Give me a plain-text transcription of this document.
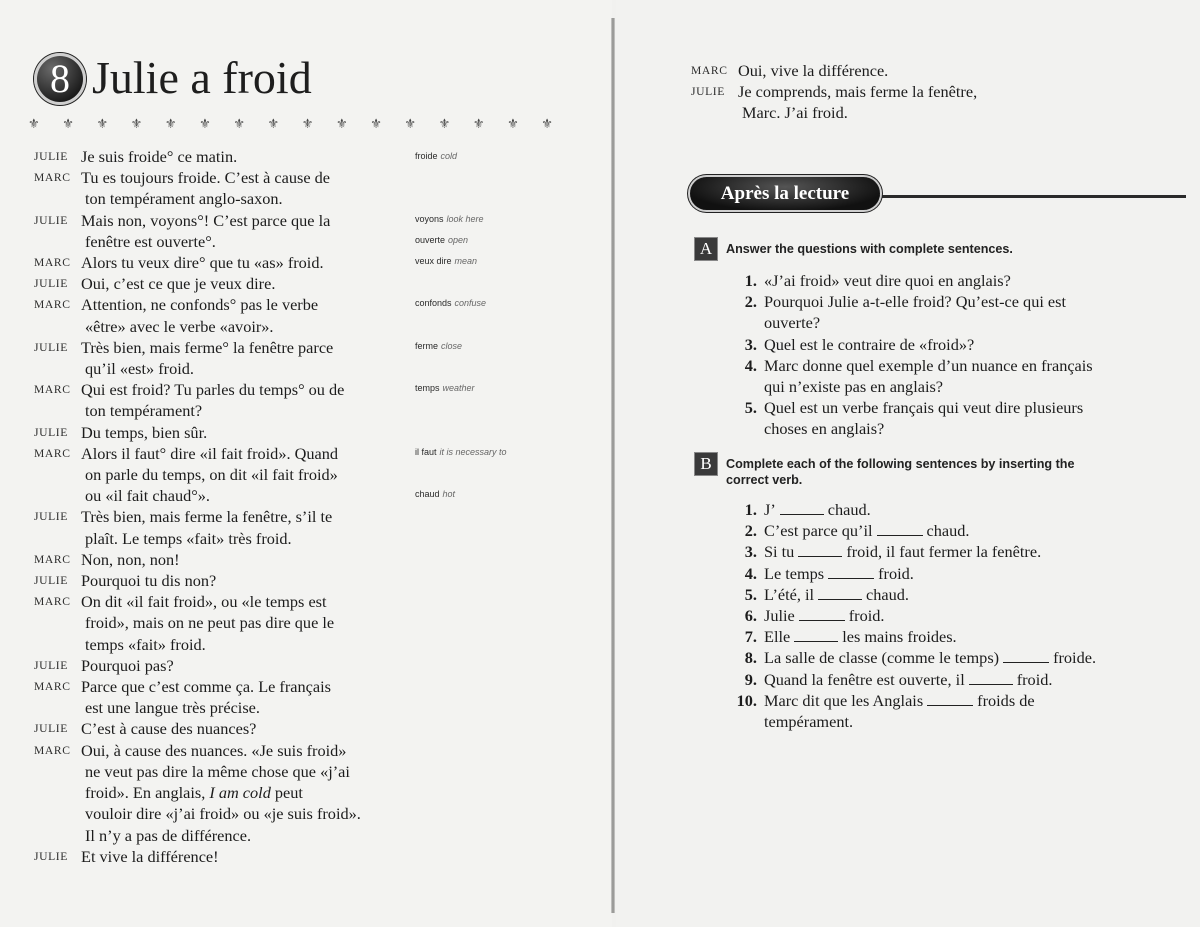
8 Julie a froid
⚜ ⚜ ⚜ ⚜ ⚜ ⚜ ⚜ ⚜ ⚜ ⚜ ⚜ ⚜ ⚜ ⚜ ⚜ ⚜
JULIE Je suis froide° ce matin.
MARC Tu es toujours froide. C’est à cause de
ton tempérament anglo-saxon.
JULIE Mais non, voyons°! C’est parce que la
fenêtre est ouverte°.
MARC Alors tu veux dire° que tu «as» froid.
JULIE Oui, c’est ce que je veux dire.
MARC Attention, ne confonds° pas le verbe
«être» avec le verbe «avoir».
JULIE Très bien, mais ferme° la fenêtre parce
qu’il «est» froid.
MARC Qui est froid? Tu parles du temps° ou de
ton tempérament?
JULIE Du temps, bien sûr.
MARC Alors il faut° dire «il fait froid». Quand
on parle du temps, on dit «il fait froid»
ou «il fait chaud°».
JULIE Très bien, mais ferme la fenêtre, s’il te
plaît. Le temps «fait» très froid.
MARC Non, non, non!
JULIE Pourquoi tu dis non?
MARC On dit «il fait froid», ou «le temps est
froid», mais on ne peut pas dire que le
temps «fait» froid.
JULIE Pourquoi pas?
MARC Parce que c’est comme ça. Le français
est une langue très précise.
JULIE C’est à cause des nuances?
MARC Oui, à cause des nuances. «Je suis froid»
ne veut pas dire la même chose que «j’ai
froid». En anglais, I am cold peut
vouloir dire «j’ai froid» ou «je suis froid».
Il n’y a pas de différence.
JULIE Et vive la différence!
froide cold
voyons look here
ouverte open
veux dire mean
confonds confuse
ferme close
temps weather
il faut it is necessary to
chaud hot
MARC Oui, vive la différence.
JULIE Je comprends, mais ferme la fenêtre,
Marc. J’ai froid.
Après la lecture
A	Answer the questions with complete sentences.
1. «J’ai froid» veut dire quoi en anglais?
2. Pourquoi Julie a-t-elle froid? Qu’est-ce qui est
ouverte?
3. Quel est le contraire de «froid»?
4. Marc donne quel exemple d’un nuance en français
qui n’existe pas en anglais?
5. Quel est un verbe français qui veut dire plusieurs
choses en anglais?
B	Complete each of the following sentences by inserting the
correct verb.
1. J’	chaud.
2. C’est parce qu’il	chaud.
3. Si tu	froid, il faut fermer la fenêtre.
4. Le temps	froid.
5. L’été, il	chaud.
6. Julie	froid.
7. Elle	les mains froides.
8. La salle de classe (comme le temps)	froide.
9. Quand la fenêtre est ouverte, il	froid.
10. Marc dit que les Anglais	froids de
tempérament.
